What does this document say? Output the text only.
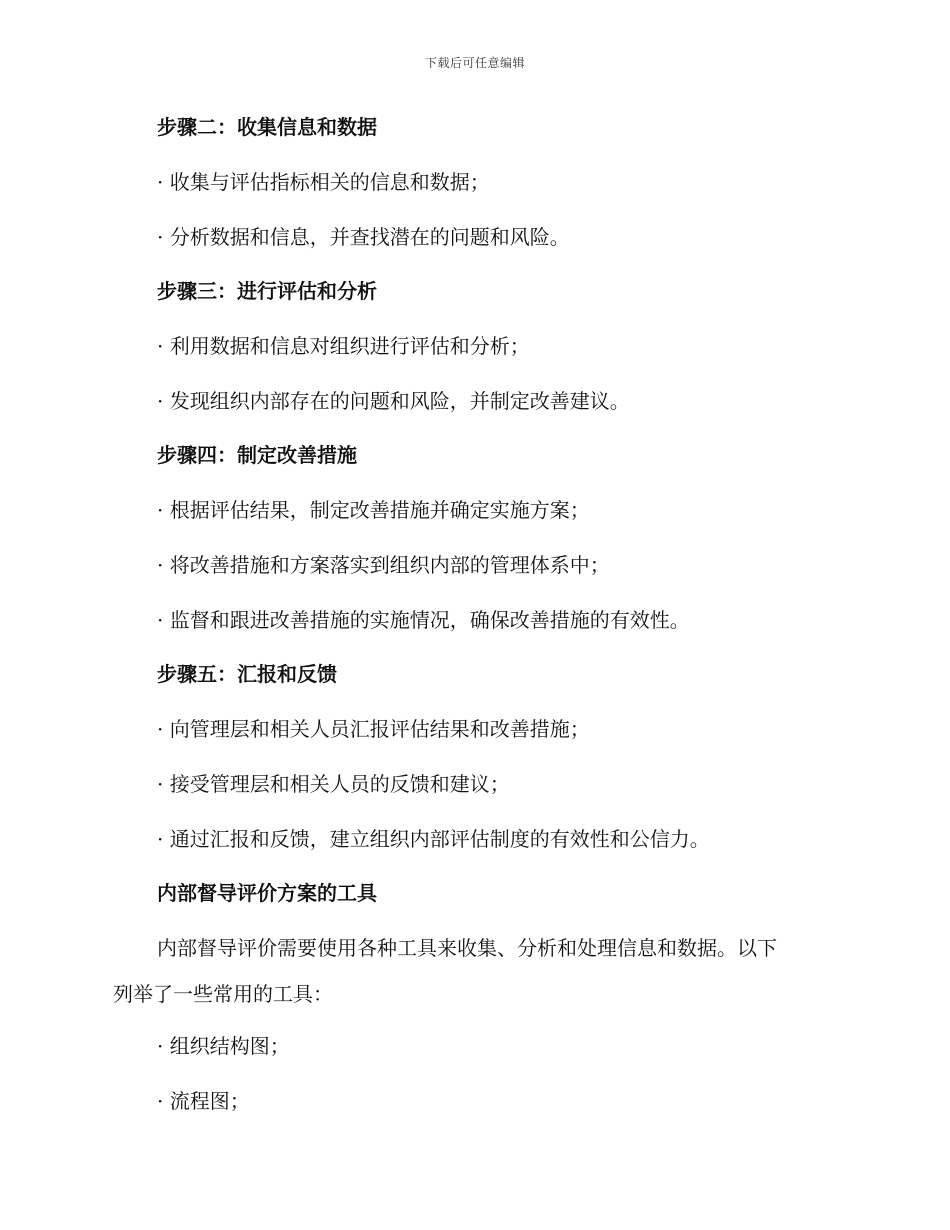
下载后可任意编辑
步骤二：收集信息和数据
· 收集与评估指标相关的信息和数据；
· 分析数据和信息，并查找潜在的问题和风险。
步骤三：进行评估和分析
· 利用数据和信息对组织进行评估和分析；
· 发现组织内部存在的问题和风险，并制定改善建议。
步骤四：制定改善措施
· 根据评估结果，制定改善措施并确定实施方案；
· 将改善措施和方案落实到组织内部的管理体系中；
· 监督和跟进改善措施的实施情况，确保改善措施的有效性。
步骤五：汇报和反馈
· 向管理层和相关人员汇报评估结果和改善措施；
· 接受管理层和相关人员的反馈和建议；
· 通过汇报和反馈，建立组织内部评估制度的有效性和公信力。
内部督导评价方案的工具
内部督导评价需要使用各种工具来收集、分析和处理信息和数据。以下
列举了一些常用的工具：
· 组织结构图；
· 流程图；
